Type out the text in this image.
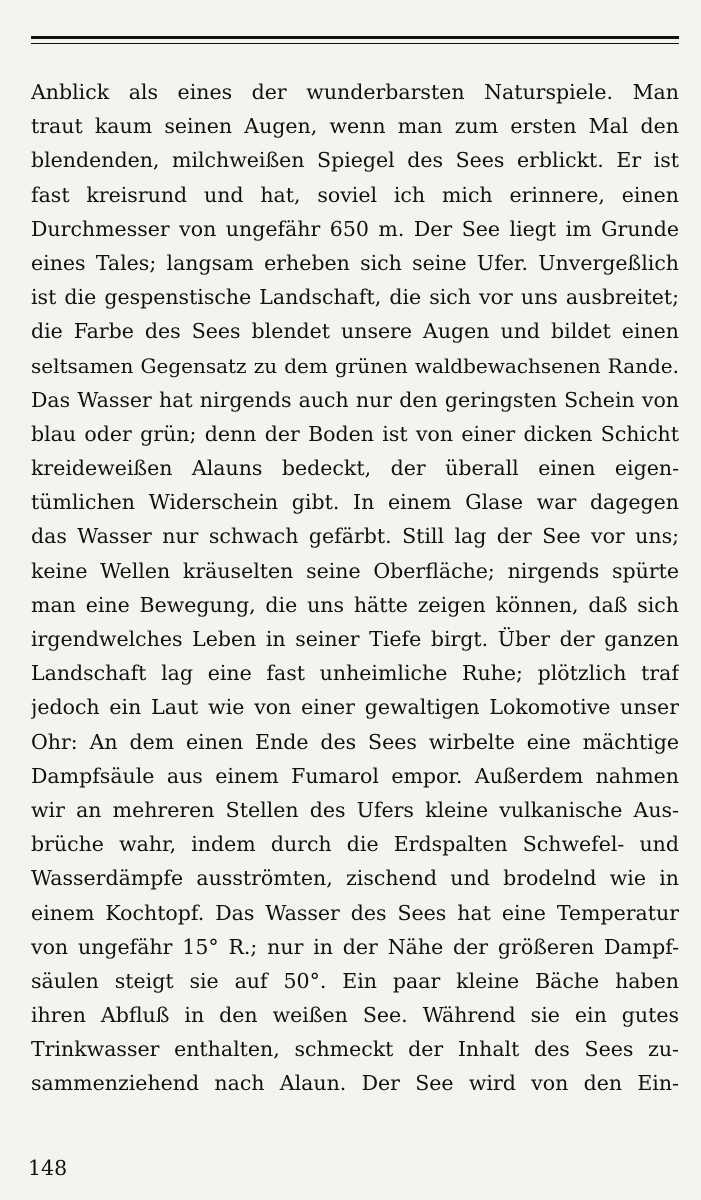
Anblick als eines der wunderbarsten Naturspiele. Man
traut kaum seinen Augen, wenn man zum ersten Mal den
blendenden, milchweißen Spiegel des Sees erblickt. Er ist
fast kreisrund und hat, soviel ich mich erinnere, einen
Durchmesser von ungefähr 650 m. Der See liegt im Grunde
eines Tales; langsam erheben sich seine Ufer. Unvergeßlich
ist die gespenstische Landschaft, die sich vor uns ausbreitet;
die Farbe des Sees blendet unsere Augen und bildet einen
seltsamen Gegensatz zu dem grünen waldbewachsenen Rande.
Das Wasser hat nirgends auch nur den geringsten Schein von
blau oder grün; denn der Boden ist von einer dicken Schicht
kreideweißen Alauns bedeckt, der überall einen eigen-
tümlichen Widerschein gibt. In einem Glase war dagegen
das Wasser nur schwach gefärbt. Still lag der See vor uns;
keine Wellen kräuselten seine Oberfläche; nirgends spürte
man eine Bewegung, die uns hätte zeigen können, daß sich
irgendwelches Leben in seiner Tiefe birgt. Über der ganzen
Landschaft lag eine fast unheimliche Ruhe; plötzlich traf
jedoch ein Laut wie von einer gewaltigen Lokomotive unser
Ohr: An dem einen Ende des Sees wirbelte eine mächtige
Dampfsäule aus einem Fumarol empor. Außerdem nahmen
wir an mehreren Stellen des Ufers kleine vulkanische Aus-
brüche wahr, indem durch die Erdspalten Schwefel- und
Wasserdämpfe ausströmten, zischend und brodelnd wie in
einem Kochtopf. Das Wasser des Sees hat eine Temperatur
von ungefähr 15° R.; nur in der Nähe der größeren Dampf-
säulen steigt sie auf 50°. Ein paar kleine Bäche haben
ihren Abfluß in den weißen See. Während sie ein gutes
Trinkwasser enthalten, schmeckt der Inhalt des Sees zu-
sammenziehend nach Alaun. Der See wird von den Ein-
148
